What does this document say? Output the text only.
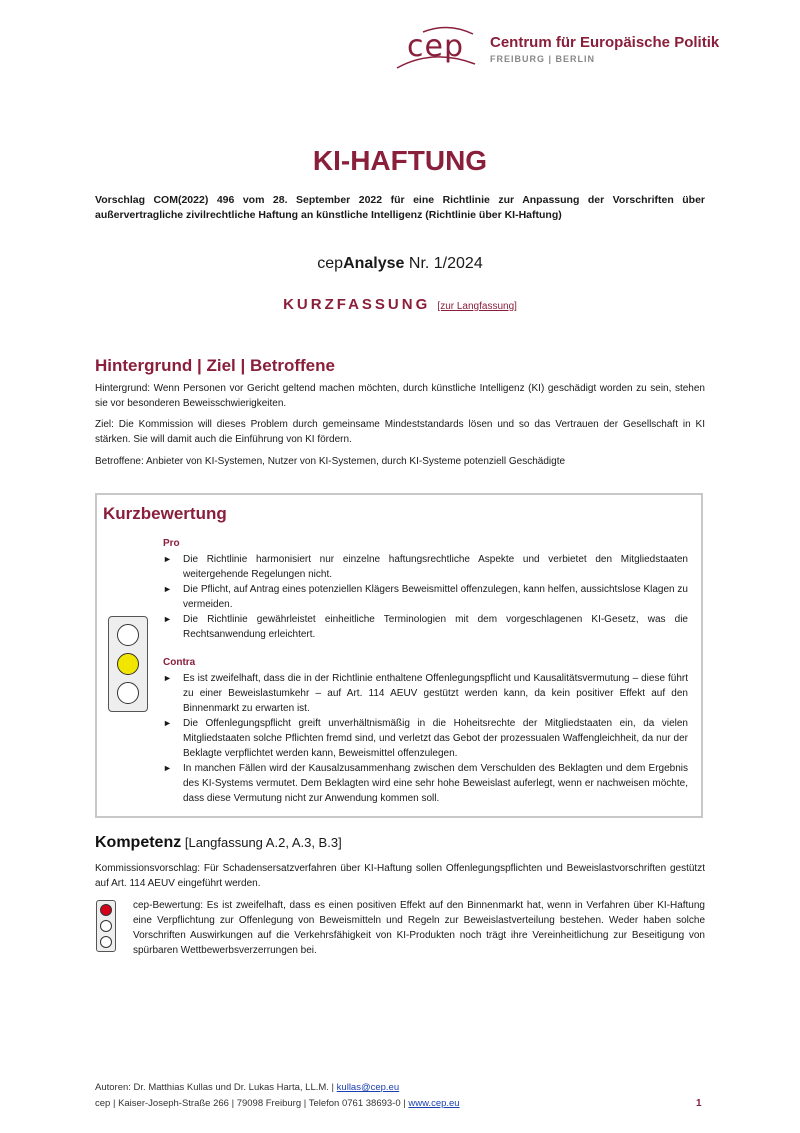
cep Centrum für Europäische Politik
FREIBURG | BERLIN
KI-HAFTUNG
Vorschlag COM(2022) 496 vom 28. September 2022 für eine Richtlinie zur Anpassung der Vorschriften über außervertragliche zivilrechtliche Haftung an künstliche Intelligenz (Richtlinie über KI-Haftung)
cepAnalyse Nr. 1/2024
KURZFASSUNG [zur Langfassung]
Hintergrund | Ziel | Betroffene
Hintergrund: Wenn Personen vor Gericht geltend machen möchten, durch künstliche Intelligenz (KI) geschädigt worden zu sein, stehen sie vor besonderen Beweisschwierigkeiten.
Ziel: Die Kommission will dieses Problem durch gemeinsame Mindeststandards lösen und so das Vertrauen der Gesellschaft in KI stärken. Sie will damit auch die Einführung von KI fördern.
Betroffene: Anbieter von KI-Systemen, Nutzer von KI-Systemen, durch KI-Systeme potenziell Geschädigte
Kurzbewertung
Pro
► Die Richtlinie harmonisiert nur einzelne haftungsrechtliche Aspekte und verbietet den Mitgliedstaaten weitergehende Regelungen nicht.
► Die Pflicht, auf Antrag eines potenziellen Klägers Beweismittel offenzulegen, kann helfen, aussichtslose Klagen zu vermeiden.
► Die Richtlinie gewährleistet einheitliche Terminologien mit dem vorgeschlagenen KI-Gesetz, was die Rechtsanwendung erleichtert.
Contra
► Es ist zweifelhaft, dass die in der Richtlinie enthaltene Offenlegungspflicht und Kausalitätsvermutung – diese führt zu einer Beweislastumkehr – auf Art. 114 AEUV gestützt werden kann, da kein positiver Effekt auf den Binnenmarkt zu erwarten ist.
► Die Offenlegungspflicht greift unverhältnismäßig in die Hoheitsrechte der Mitgliedstaaten ein, da vielen Mitgliedstaaten solche Pflichten fremd sind, und verletzt das Gebot der prozessualen Waffengleichheit, da nur der Beklagte verpflichtet werden kann, Beweismittel offenzulegen.
► In manchen Fällen wird der Kausalzusammenhang zwischen dem Verschulden des Beklagten und dem Ergebnis des KI-Systems vermutet. Dem Beklagten wird eine sehr hohe Beweislast auferlegt, wenn er nachweisen möchte, dass diese Vermutung nicht zur Anwendung kommen soll.
Kompetenz [Langfassung A.2, A.3, B.3]
Kommissionsvorschlag: Für Schadensersatzverfahren über KI-Haftung sollen Offenlegungspflichten und Beweislastvorschriften gestützt auf Art. 114 AEUV eingeführt werden.
cep-Bewertung: Es ist zweifelhaft, dass es einen positiven Effekt auf den Binnenmarkt hat, wenn in Verfahren über KI-Haftung eine Verpflichtung zur Offenlegung von Beweismitteln und Regeln zur Beweislastverteilung bestehen. Weder haben solche Vorschriften Auswirkungen auf die Verkehrsfähigkeit von KI-Produkten noch trägt ihre Vereinheitlichung zur Beseitigung von spürbaren Wettbewerbsverzerrungen bei.
Autoren: Dr. Matthias Kullas und Dr. Lukas Harta, LL.M. | kullas@cep.eu
cep | Kaiser-Joseph-Straße 266 | 79098 Freiburg | Telefon 0761 38693-0 | www.cep.eu	1
